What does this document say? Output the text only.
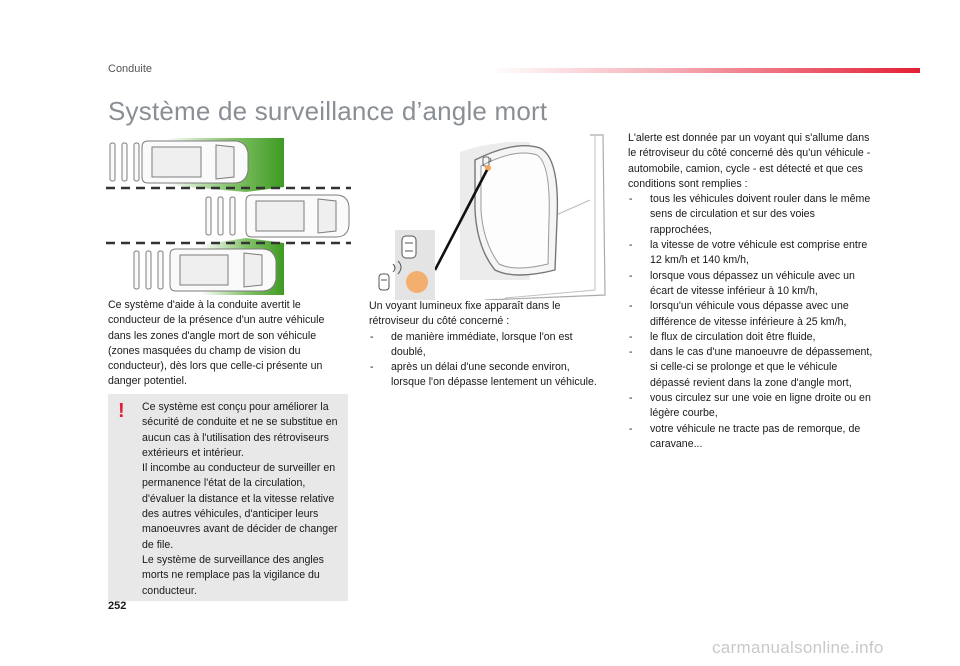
Conduite
Système de surveillance d’angle mort

Ce système d'aide à la conduite avertit le conducteur de la présence d'un autre véhicule dans les zones d'angle mort de son véhicule (zones masquées du champ de vision du conducteur), dès lors que celle-ci présente un danger potentiel.

! Ce système est conçu pour améliorer la sécurité de conduite et ne se substitue en aucun cas à l'utilisation des rétroviseurs extérieurs et intérieur.

Il incombe au conducteur de surveiller en permanence l'état de la circulation, d'évaluer la distance et la vitesse relative des autres véhicules, d'anticiper leurs manoeuvres avant de décider de changer de file.

Le système de surveillance des angles morts ne remplace pas la vigilance du conducteur.

Un voyant lumineux fixe apparaît dans le rétroviseur du côté concerné :

- de manière immédiate, lorsque l'on est doublé,
- après un délai d'une seconde environ, lorsque l'on dépasse lentement un véhicule.

L'alerte est donnée par un voyant qui s'allume dans le rétroviseur du côté concerné dès qu'un véhicule - automobile, camion, cycle - est détecté et que ces conditions sont remplies :

- tous les véhicules doivent rouler dans le même sens de circulation et sur des voies rapprochées,
- la vitesse de votre véhicule est comprise entre 12 km/h et 140 km/h,
- lorsque vous dépassez un véhicule avec un écart de vitesse inférieur à 10 km/h,
- lorsqu'un véhicule vous dépasse avec une différence de vitesse inférieure à 25 km/h,
- le flux de circulation doit être fluide,
- dans le cas d'une manoeuvre de dépassement, si celle-ci se prolonge et que le véhicule dépassé revient dans la zone d'angle mort,
- vous circulez sur une voie en ligne droite ou en légère courbe,
- votre véhicule ne tracte pas de remorque, de caravane...
252
carmanualsonline.info
